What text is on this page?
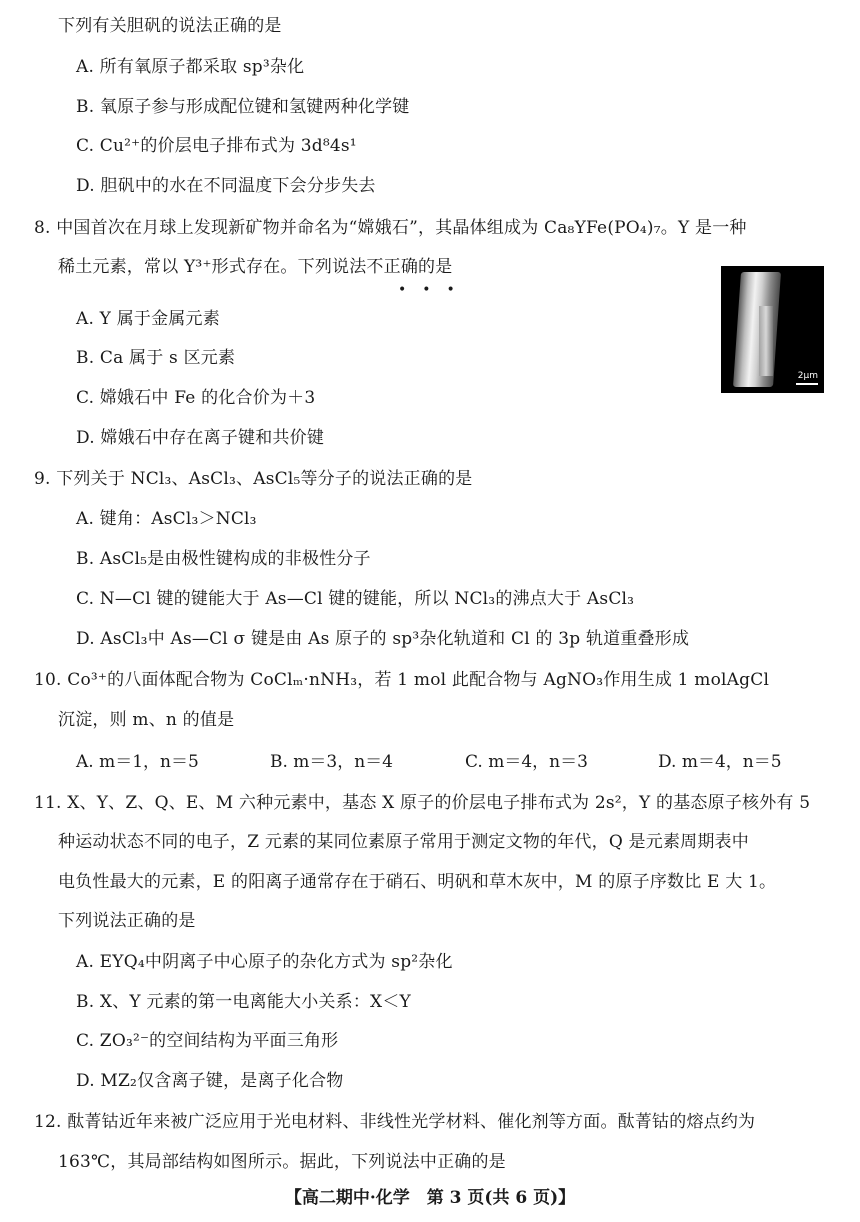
下列有关胆矾的说法正确的是
A. 所有氧原子都采取 sp³杂化
B. 氧原子参与形成配位键和氢键两种化学键
C. Cu²⁺的价层电子排布式为 3d⁸4s¹
D. 胆矾中的水在不同温度下会分步失去
8. 中国首次在月球上发现新矿物并命名为“嫦娥石”，其晶体组成为 Ca₈YFe(PO₄)₇。Y 是一种
稀土元素，常以 Y³⁺形式存在。下列说法不正确的是
•••
2μm
A. Y 属于金属元素
B. Ca 属于 s 区元素
C. 嫦娥石中 Fe 的化合价为＋3
D. 嫦娥石中存在离子键和共价键
9. 下列关于 NCl₃、AsCl₃、AsCl₅等分子的说法正确的是
A. 键角：AsCl₃＞NCl₃
B. AsCl₅是由极性键构成的非极性分子
C. N—Cl 键的键能大于 As—Cl 键的键能，所以 NCl₃的沸点大于 AsCl₃
D. AsCl₃中 As—Cl σ 键是由 As 原子的 sp³杂化轨道和 Cl 的 3p 轨道重叠形成
10. Co³⁺的八面体配合物为 CoClₘ·nNH₃，若 1 mol 此配合物与 AgNO₃作用生成 1 molAgCl
沉淀，则 m、n 的值是
A. m＝1，n＝5	B. m＝3，n＝4	C. m＝4，n＝3	D. m＝4，n＝5
11. X、Y、Z、Q、E、M 六种元素中，基态 X 原子的价层电子排布式为 2s²，Y 的基态原子核外有 5
种运动状态不同的电子，Z 元素的某同位素原子常用于测定文物的年代，Q 是元素周期表中
电负性最大的元素，E 的阳离子通常存在于硝石、明矾和草木灰中，M 的原子序数比 E 大 1。
下列说法正确的是
A. EYQ₄中阴离子中心原子的杂化方式为 sp²杂化
B. X、Y 元素的第一电离能大小关系：X＜Y
C. ZO₃²⁻的空间结构为平面三角形
D. MZ₂仅含离子键，是离子化合物
12. 酞菁钴近年来被广泛应用于光电材料、非线性光学材料、催化剂等方面。酞菁钴的熔点约为
163℃，其局部结构如图所示。据此，下列说法中正确的是
【高二期中·化学　第 3 页(共 6 页)】
